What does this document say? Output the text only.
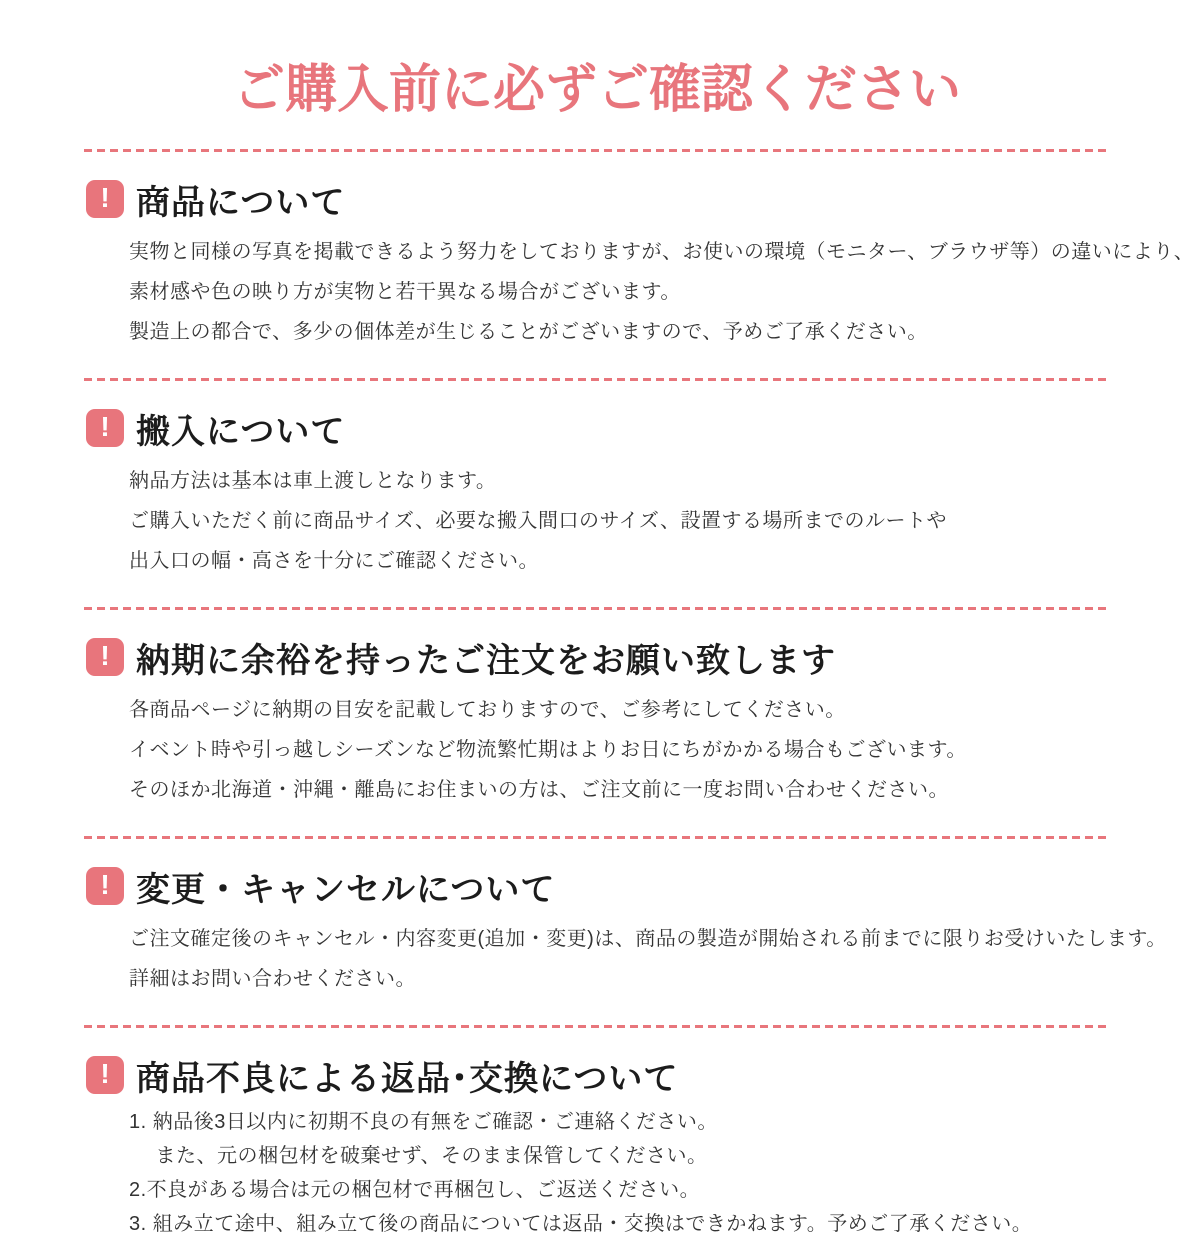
ご購入前に必ずご確認ください
! 商品について
実物と同様の写真を掲載できるよう努力をしておりますが、お使いの環境（モニター、ブラウザ等）の違いにより、
素材感や色の映り方が実物と若干異なる場合がございます。
製造上の都合で、多少の個体差が生じることがございますので、予めご了承ください。
! 搬入について
納品方法は基本は車上渡しとなります。
ご購入いただく前に商品サイズ、必要な搬入間口のサイズ、設置する場所までのルートや
出入口の幅・高さを十分にご確認ください。
! 納期に余裕を持ったご注文をお願い致します
各商品ページに納期の目安を記載しておりますので、ご参考にしてください。
イベント時や引っ越しシーズンなど物流繁忙期はよりお日にちがかかる場合もございます。
そのほか北海道・沖縄・離島にお住まいの方は、ご注文前に一度お問い合わせください。
! 変更・キャンセルについて
ご注文確定後のキャンセル・内容変更(追加・変更)は、商品の製造が開始される前までに限りお受けいたします。
詳細はお問い合わせください。
! 商品不良による返品･交換について
1. 納品後3日以内に初期不良の有無をご確認・ご連絡ください。
　 また、元の梱包材を破棄せず、そのまま保管してください。
2.不良がある場合は元の梱包材で再梱包し、ご返送ください。
3. 組み立て途中、組み立て後の商品については返品・交換はできかねます。予めご了承ください。
